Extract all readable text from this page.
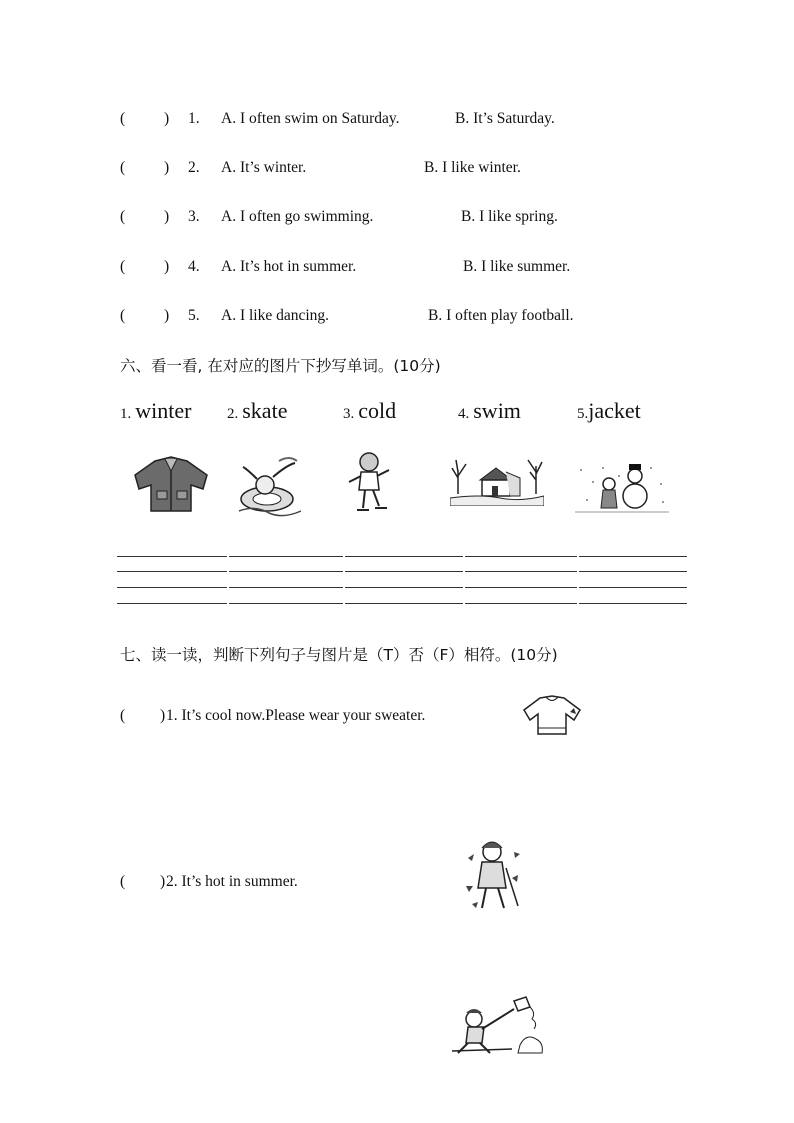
(	) 1. A. I often swim on Saturday.	B. It’s Saturday.
(	) 2. A. It’s winter.	B. I like winter.
(	) 3. A. I often go swimming.	B. I like spring.
(	) 4. A. It’s hot in summer.	B. I like summer.
(	) 5. A. I like dancing.	B. I often play football.
六、看一看, 在对应的图片下抄写单词。(10分)
1. winter 2. skate	3. cold	4. swim	5.jacket
七、读一读，判断下列句子与图片是（T）否（F）相符。(10分)
( ) 1. It’s cool now.Please wear your sweater.
( ) 2. It’s hot in summer.
